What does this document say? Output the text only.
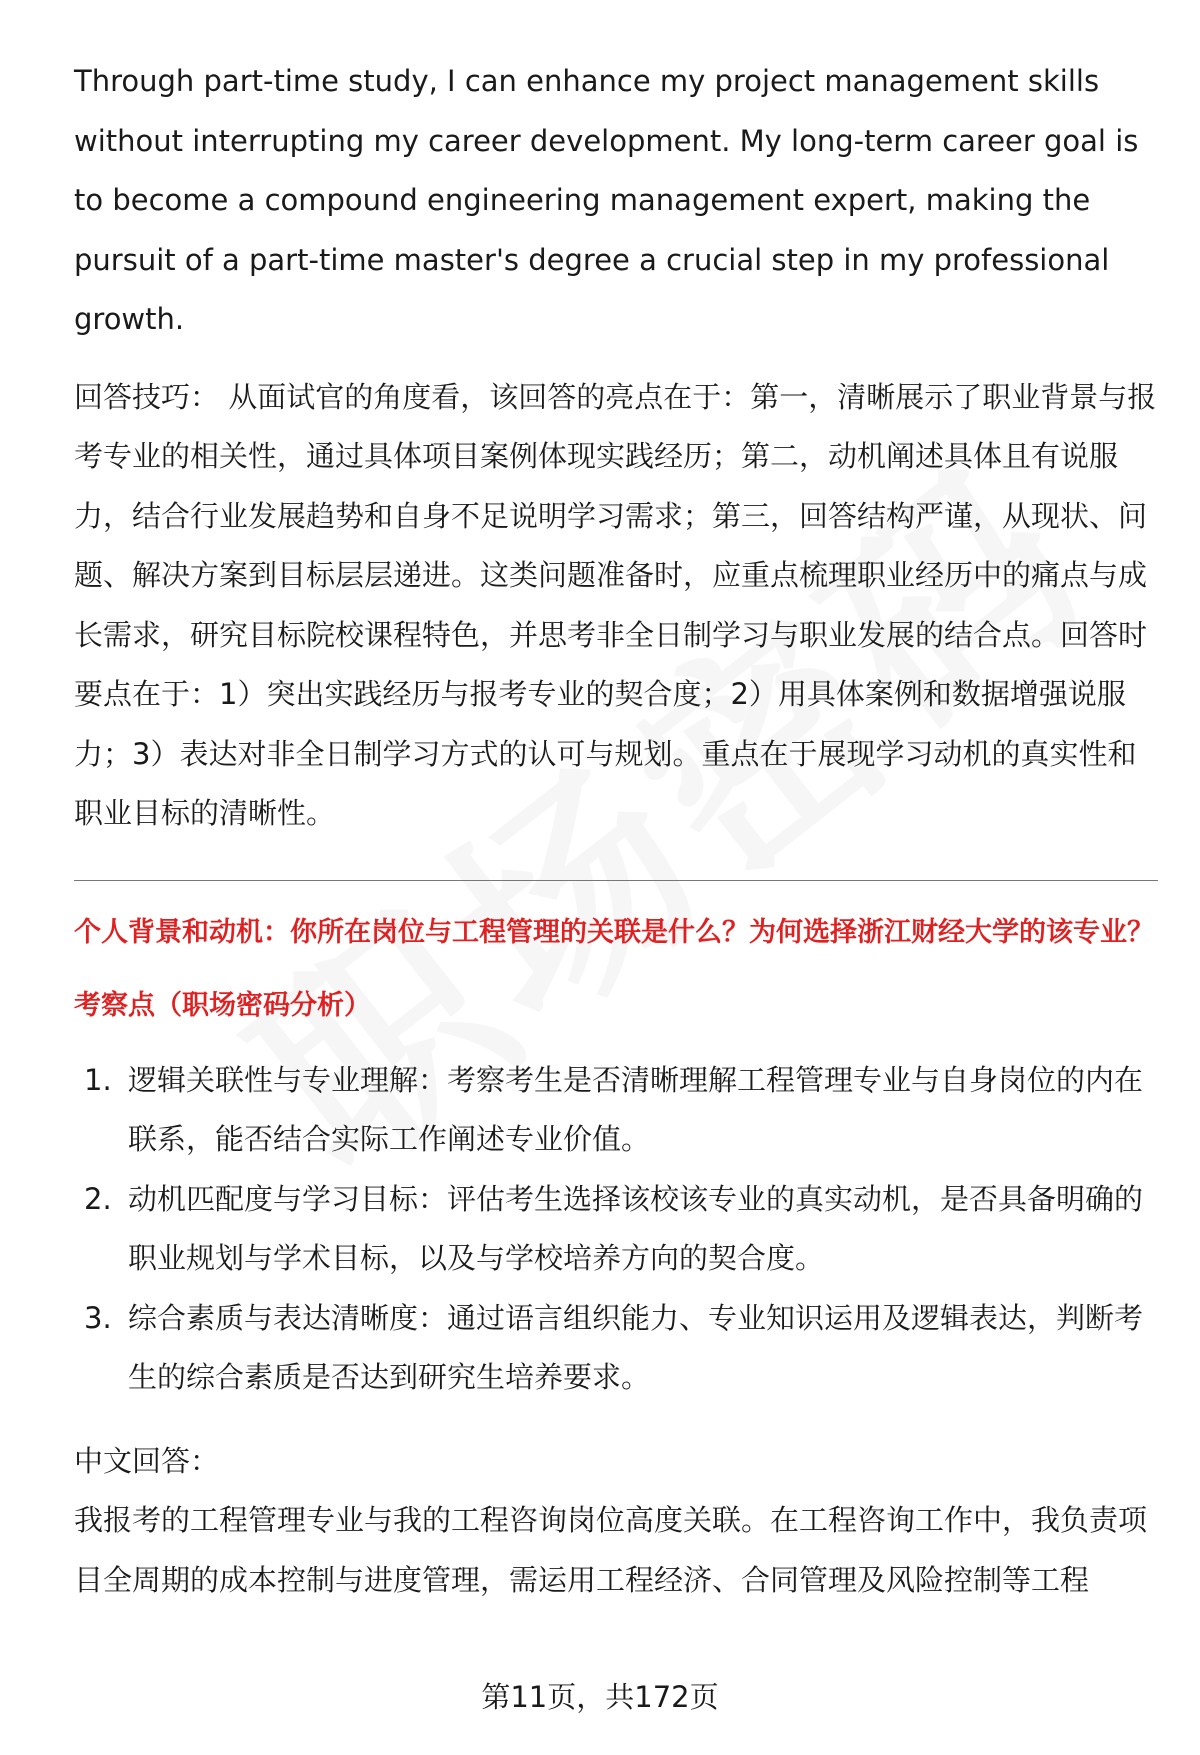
Through part-time study, I can enhance my project management skills without interrupting my career development. My long-term career goal is to become a compound engineering management expert, making the pursuit of a part-time master's degree a crucial step in my professional growth.

回答技巧： 从面试官的角度看，该回答的亮点在于：第一，清晰展示了职业背景与报考专业的相关性，通过具体项目案例体现实践经历；第二，动机阐述具体且有说服力，结合行业发展趋势和自身不足说明学习需求；第三，回答结构严谨，从现状、问题、解决方案到目标层层递进。这类问题准备时，应重点梳理职业经历中的痛点与成长需求，研究目标院校课程特色，并思考非全日制学习与职业发展的结合点。回答时要点在于：1）突出实践经历与报考专业的契合度；2）用具体案例和数据增强说服力；3）表达对非全日制学习方式的认可与规划。重点在于展现学习动机的真实性和职业目标的清晰性。

个人背景和动机：你所在岗位与工程管理的关联是什么？为何选择浙江财经大学的该专业？

考察点（职场密码分析）

1. 逻辑关联性与专业理解：考察考生是否清晰理解工程管理专业与自身岗位的内在联系，能否结合实际工作阐述专业价值。
2. 动机匹配度与学习目标：评估考生选择该校该专业的真实动机，是否具备明确的职业规划与学术目标，以及与学校培养方向的契合度。
3. 综合素质与表达清晰度：通过语言组织能力、专业知识运用及逻辑表达，判断考生的综合素质是否达到研究生培养要求。

中文回答：

我报考的工程管理专业与我的工程咨询岗位高度关联。在工程咨询工作中，我负责项目全周期的成本控制与进度管理，需运用工程经济、合同管理及风险控制等工程

第11页，共172页
